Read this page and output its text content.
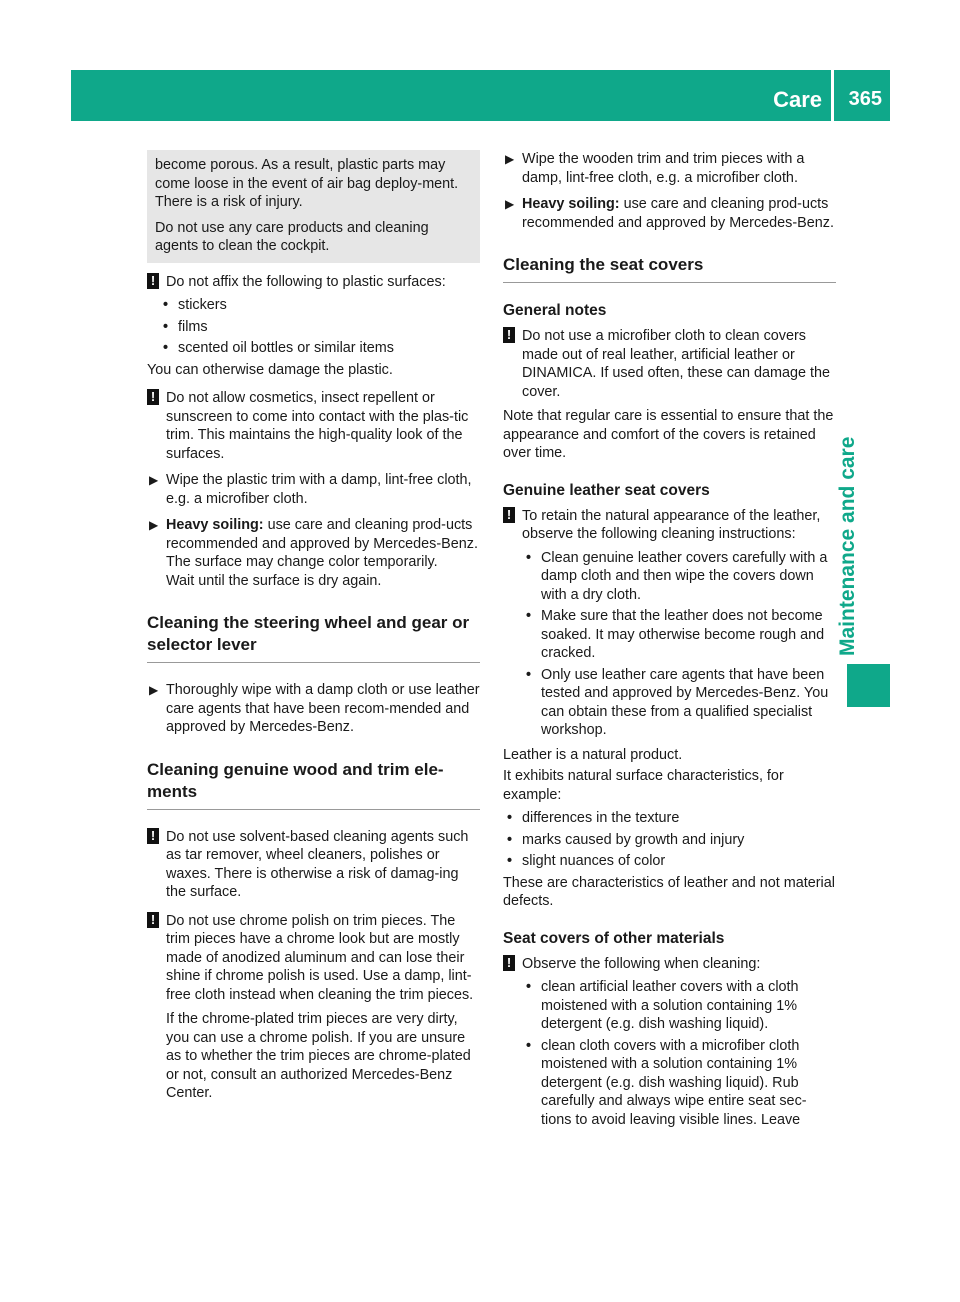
Care 365
Maintenance and care

become porous. As a result, plastic parts may come loose in the event of air bag deploy-ment. There is a risk of injury.

Do not use any care products and cleaning agents to clean the cockpit.

! Do not affix the following to plastic surfaces:

• stickers
• films
• scented oil bottles or similar items

You can otherwise damage the plastic.

! Do not allow cosmetics, insect repellent or sunscreen to come into contact with the plas-tic trim. This maintains the high-quality look of the surfaces.

▶ Wipe the plastic trim with a damp, lint-free cloth, e.g. a microfiber cloth.

▶ Heavy soiling: use care and cleaning prod-ucts recommended and approved by Mercedes-Benz.

The surface may change color temporarily.

Wait until the surface is dry again.

Cleaning the steering wheel and gear or selector lever
▶ Thoroughly wipe with a damp cloth or use leather care agents that have been recom-mended and approved by Mercedes-Benz.

Cleaning genuine wood and trim ele-ments
! Do not use solvent-based cleaning agents such as tar remover, wheel cleaners, polishes or waxes. There is otherwise a risk of damag-ing the surface.

! Do not use chrome polish on trim pieces. The trim pieces have a chrome look but are mostly made of anodized aluminum and can lose their shine if chrome polish is used. Use a damp, lint-free cloth instead when cleaning the trim pieces.

If the chrome-plated trim pieces are very dirty, you can use a chrome polish. If you are unsure as to whether the trim pieces are chrome-plated or not, consult an authorized Mercedes-Benz Center.

▶ Wipe the wooden trim and trim pieces with a damp, lint-free cloth, e.g. a microfiber cloth.

▶ Heavy soiling: use care and cleaning prod-ucts recommended and approved by Mercedes-Benz.

Cleaning the seat covers
General notes
! Do not use a microfiber cloth to clean covers made out of real leather, artificial leather or DINAMICA. If used often, these can damage the cover.

Note that regular care is essential to ensure that the appearance and comfort of the covers is retained over time.

Genuine leather seat covers
! To retain the natural appearance of the leather, observe the following cleaning instructions:

• Clean genuine leather covers carefully with a damp cloth and then wipe the covers down with a dry cloth.
• Make sure that the leather does not become soaked. It may otherwise become rough and cracked.
• Only use leather care agents that have been tested and approved by Mercedes-Benz. You can obtain these from a qualified specialist workshop.

Leather is a natural product.

It exhibits natural surface characteristics, for example:

• differences in the texture
• marks caused by growth and injury
• slight nuances of color

These are characteristics of leather and not material defects.

Seat covers of other materials
! Observe the following when cleaning:

• clean artificial leather covers with a cloth moistened with a solution containing 1% detergent (e.g. dish washing liquid).
• clean cloth covers with a microfiber cloth moistened with a solution containing 1% detergent (e.g. dish washing liquid). Rub carefully and always wipe entire seat sec-tions to avoid leaving visible lines. Leave
